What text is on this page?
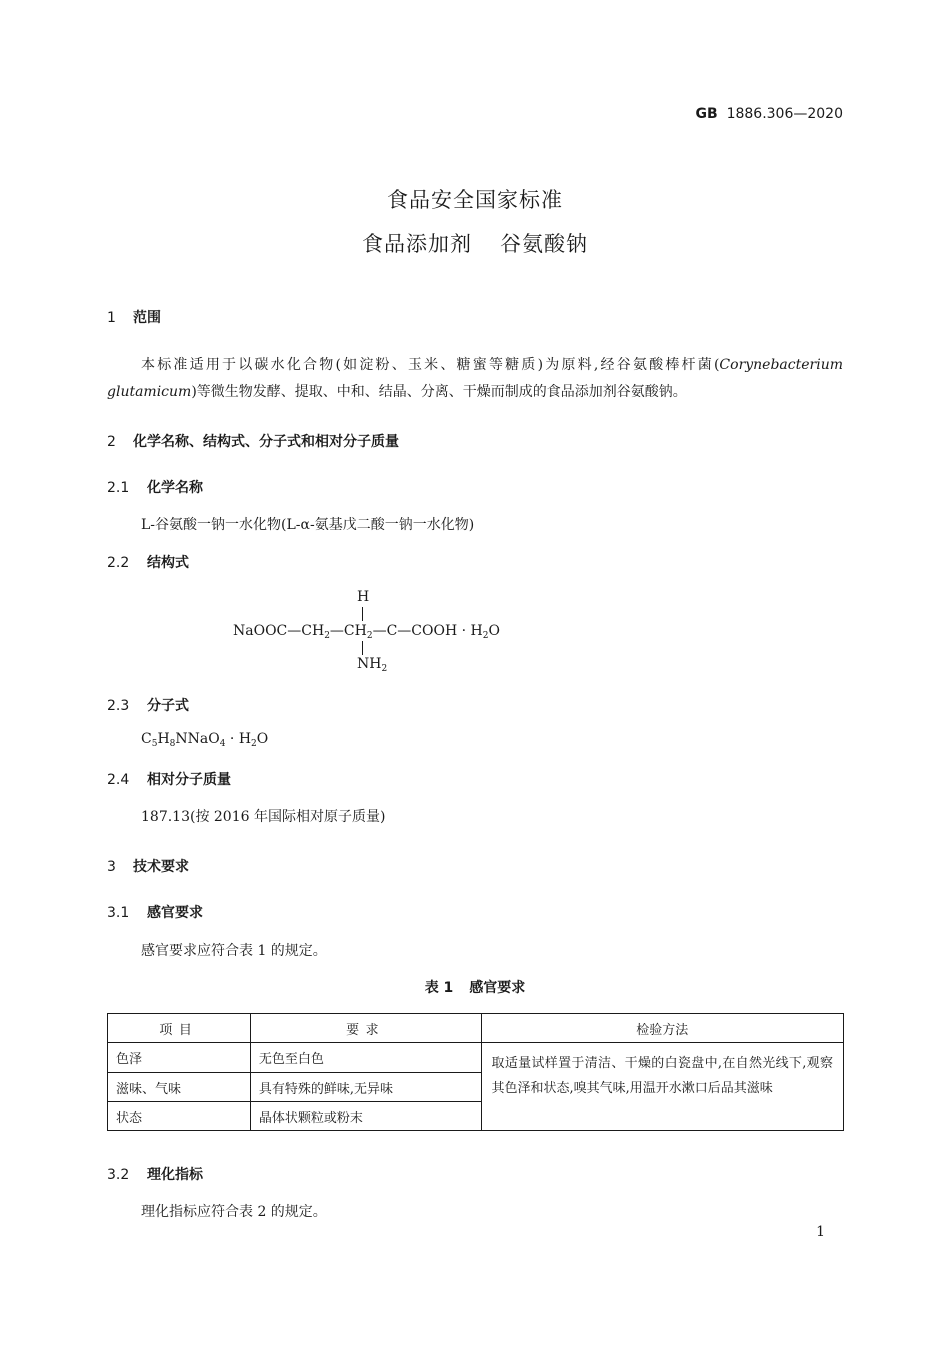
GB 1886.306—2020
食品安全国家标准
食品添加剂 谷氨酸钠
1 范围
本标准适用于以碳水化合物(如淀粉、玉米、糖蜜等糖质)为原料,经谷氨酸棒杆菌(Corynebacterium glutamicum)等微生物发酵、提取、中和、结晶、分离、干燥而制成的食品添加剂谷氨酸钠。
2 化学名称、结构式、分子式和相对分子质量
2.1 化学名称
L-谷氨酸一钠一水化物(L-α-氨基戊二酸一钠一水化物)
2.2 结构式
H
$NaOOC—CH_2—CH_2—C—COOH \cdot H_2O$
$NH_2$
2.3 分子式
$C_5H_8NNaO_4 \cdot H_2O$
2.4 相对分子质量
187.13(按 2016 年国际相对原子质量)
3 技术要求
3.1 感官要求
感官要求应符合表 1 的规定。
表 1 感官要求
项目	要求	检验方法
色泽	无色至白色	取适量试样置于清洁、干燥的白瓷盘中,在自然光线下,观察其色泽和状态,嗅其气味,用温开水漱口后品其滋味
滋味、气味	具有特殊的鲜味,无异味	
状态	晶体状颗粒或粉末	
3.2 理化指标
理化指标应符合表 2 的规定。
1
